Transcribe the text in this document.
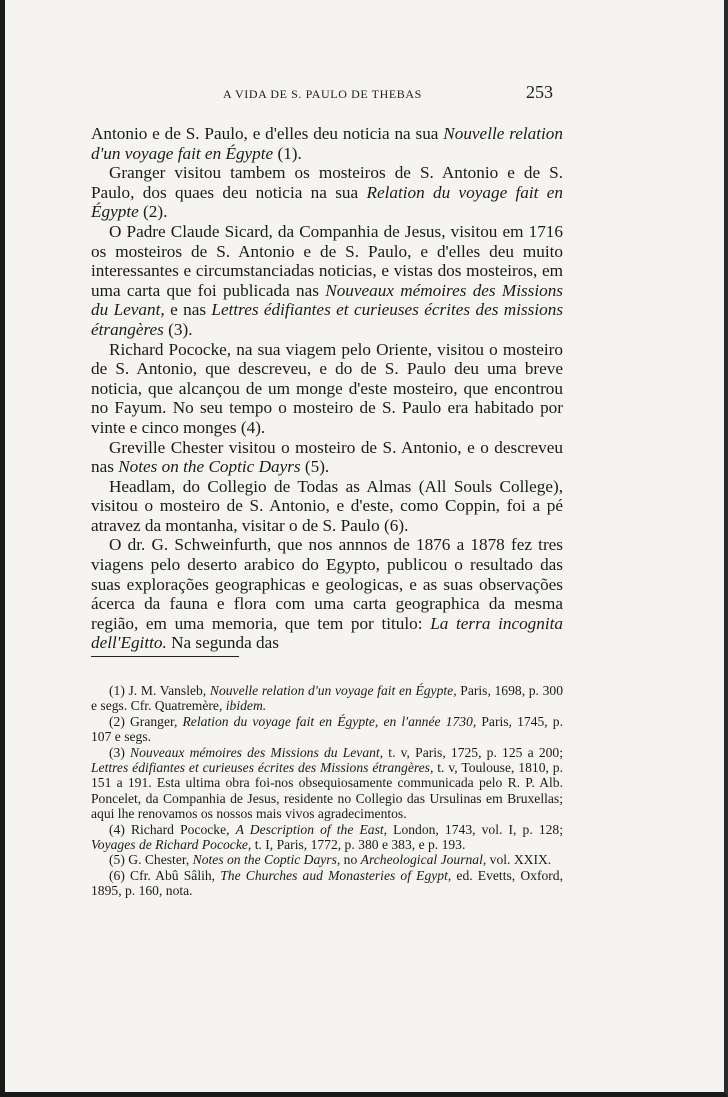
A VIDA DE S. PAULO DE THEBAS	253

Antonio e de S. Paulo, e d'elles deu noticia na sua Nouvelle relation d'un voyage fait en Égypte (1).

Granger visitou tambem os mosteiros de S. Antonio e de S. Paulo, dos quaes deu noticia na sua Relation du voyage fait en Égypte (2).

O Padre Claude Sicard, da Companhia de Jesus, visitou em 1716 os mosteiros de S. Antonio e de S. Paulo, e d'elles deu muito interessantes e circumstanciadas noticias, e vistas dos mosteiros, em uma carta que foi publicada nas Nouveaux mémoires des Missions du Levant, e nas Lettres édifiantes et curieuses écrites des missions étrangères (3).

Richard Pococke, na sua viagem pelo Oriente, visitou o mosteiro de S. Antonio, que descreveu, e do de S. Paulo deu uma breve noticia, que alcançou de um monge d'este mosteiro, que encontrou no Fayum. No seu tempo o mosteiro de S. Paulo era habitado por vinte e cinco monges (4).

Greville Chester visitou o mosteiro de S. Antonio, e o descreveu nas Notes on the Coptic Dayrs (5).

Headlam, do Collegio de Todas as Almas (All Souls College), visitou o mosteiro de S. Antonio, e d'este, como Coppin, foi a pé atravez da montanha, visitar o de S. Paulo (6).

O dr. G. Schweinfurth, que nos annnos de 1876 a 1878 fez tres viagens pelo deserto arabico do Egypto, publicou o resultado das suas explorações geographicas e geologicas, e as suas observações ácerca da fauna e flora com uma carta geographica da mesma região, em uma memoria, que tem por titulo: La terra incognita dell'Egitto. Na segunda das

(1) J. M. Vansleb, Nouvelle relation d'un voyage fait en Égypte, Paris, 1698, p. 300 e segs. Cfr. Quatremère, ibidem.

(2) Granger, Relation du voyage fait en Égypte, en l'année 1730, Paris, 1745, p. 107 e segs.

(3) Nouveaux mémoires des Missions du Levant, t. v, Paris, 1725, p. 125 a 200; Lettres édifiantes et curieuses écrites des Missions étrangères, t. v, Toulouse, 1810, p. 151 a 191. Esta ultima obra foi-nos obsequiosamente communicada pelo R. P. Alb. Poncelet, da Companhia de Jesus, residente no Collegio das Ursulinas em Bruxellas; aqui lhe renovamos os nossos mais vivos agradecimentos.

(4) Richard Pococke, A Description of the East, London, 1743, vol. I, p. 128; Voyages de Richard Pococke, t. I, Paris, 1772, p. 380 e 383, e p. 193.

(5) G. Chester, Notes on the Coptic Dayrs, no Archeological Journal, vol. XXIX.

(6) Cfr. Abû Sâlih, The Churches aud Monasteries of Egypt, ed. Evetts, Oxford, 1895, p. 160, nota.
